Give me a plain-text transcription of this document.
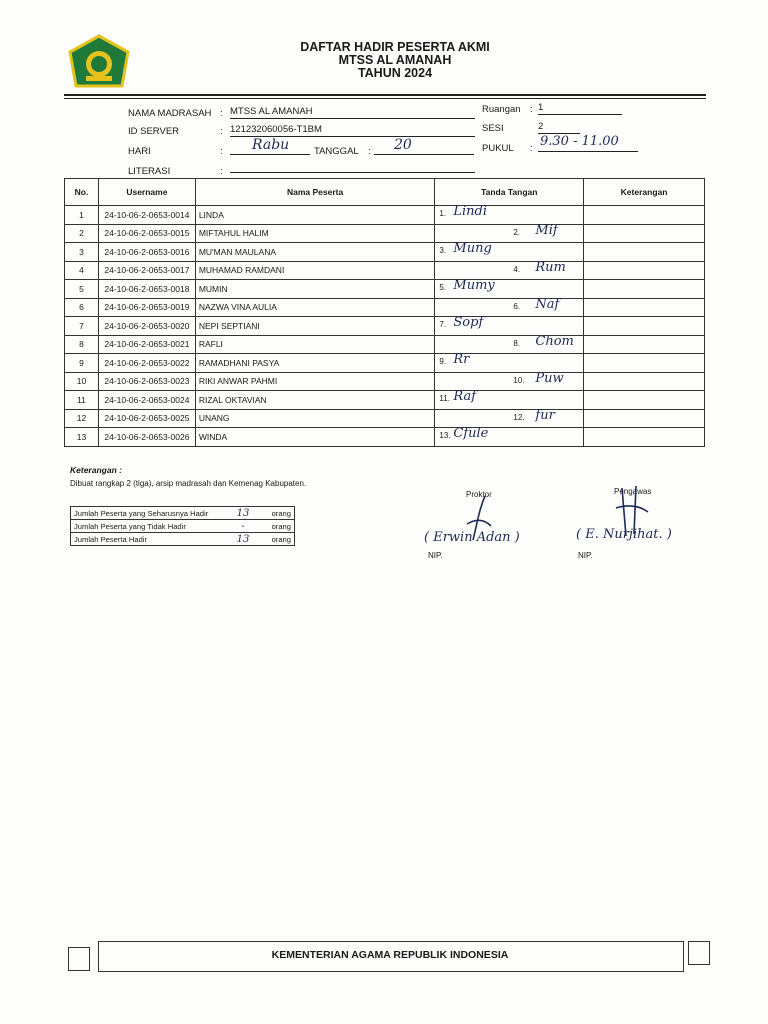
DAFTAR HADIR PESERTA AKMI
MTSS AL AMANAH
TAHUN 2024
NAMA MADRASAH : MTSS AL AMANAH
ID SERVER	: 121232060056-T1BM
HARI	: Rabu	TANGGAL : 20
LITERASI	:
Ruangan : 1
SESI	2
PUKUL : 9.30 - 11.00
No.	Username	Nama Peserta	Tanda Tangan	Keterangan
1	24-10-06-2-0653-0014	LINDA	1. Lindi	

2	24-10-06-2-0653-0015	MIFTAHUL HALIM	2. Mif	

3	24-10-06-2-0653-0016	MU'MAN MAULANA	3. Mung	

4	24-10-06-2-0653-0017	MUHAMAD RAMDANI	4. Rum	

5	24-10-06-2-0653-0018	MUMIN	5. Mumy	

6	24-10-06-2-0653-0019	NAZWA VINA AULIA	6. Naf	

7	24-10-06-2-0653-0020	NEPI SEPTIANI	7. Sopf	

8	24-10-06-2-0653-0021	RAFLI	8. Chom	

9	24-10-06-2-0653-0022	RAMADHANI PASYA	9. Rr	

10	24-10-06-2-0653-0023	RIKI ANWAR PAHMI	10. Puw	

11	24-10-06-2-0653-0024	RIZAL OKTAVIAN	11. Raf	

12	24-10-06-2-0653-0025	UNANG	12. fur	

13	24-10-06-2-0653-0026	WINDA	13. Cfule	

Keterangan :
Dibuat rangkap 2 (tiga), arsip madrasah dan Kemenag Kabupaten.
Jumlah Peserta yang Seharusnya Hadir	13	orang
Jumlah Peserta yang Tidak Hadir	-	orang
Jumlah Peserta Hadir	13	orang
Proktor
( Erwin Adan )
NIP.
Pengawas
( E. Nurjihat. )
NIP.
KEMENTERIAN AGAMA REPUBLIK INDONESIA
